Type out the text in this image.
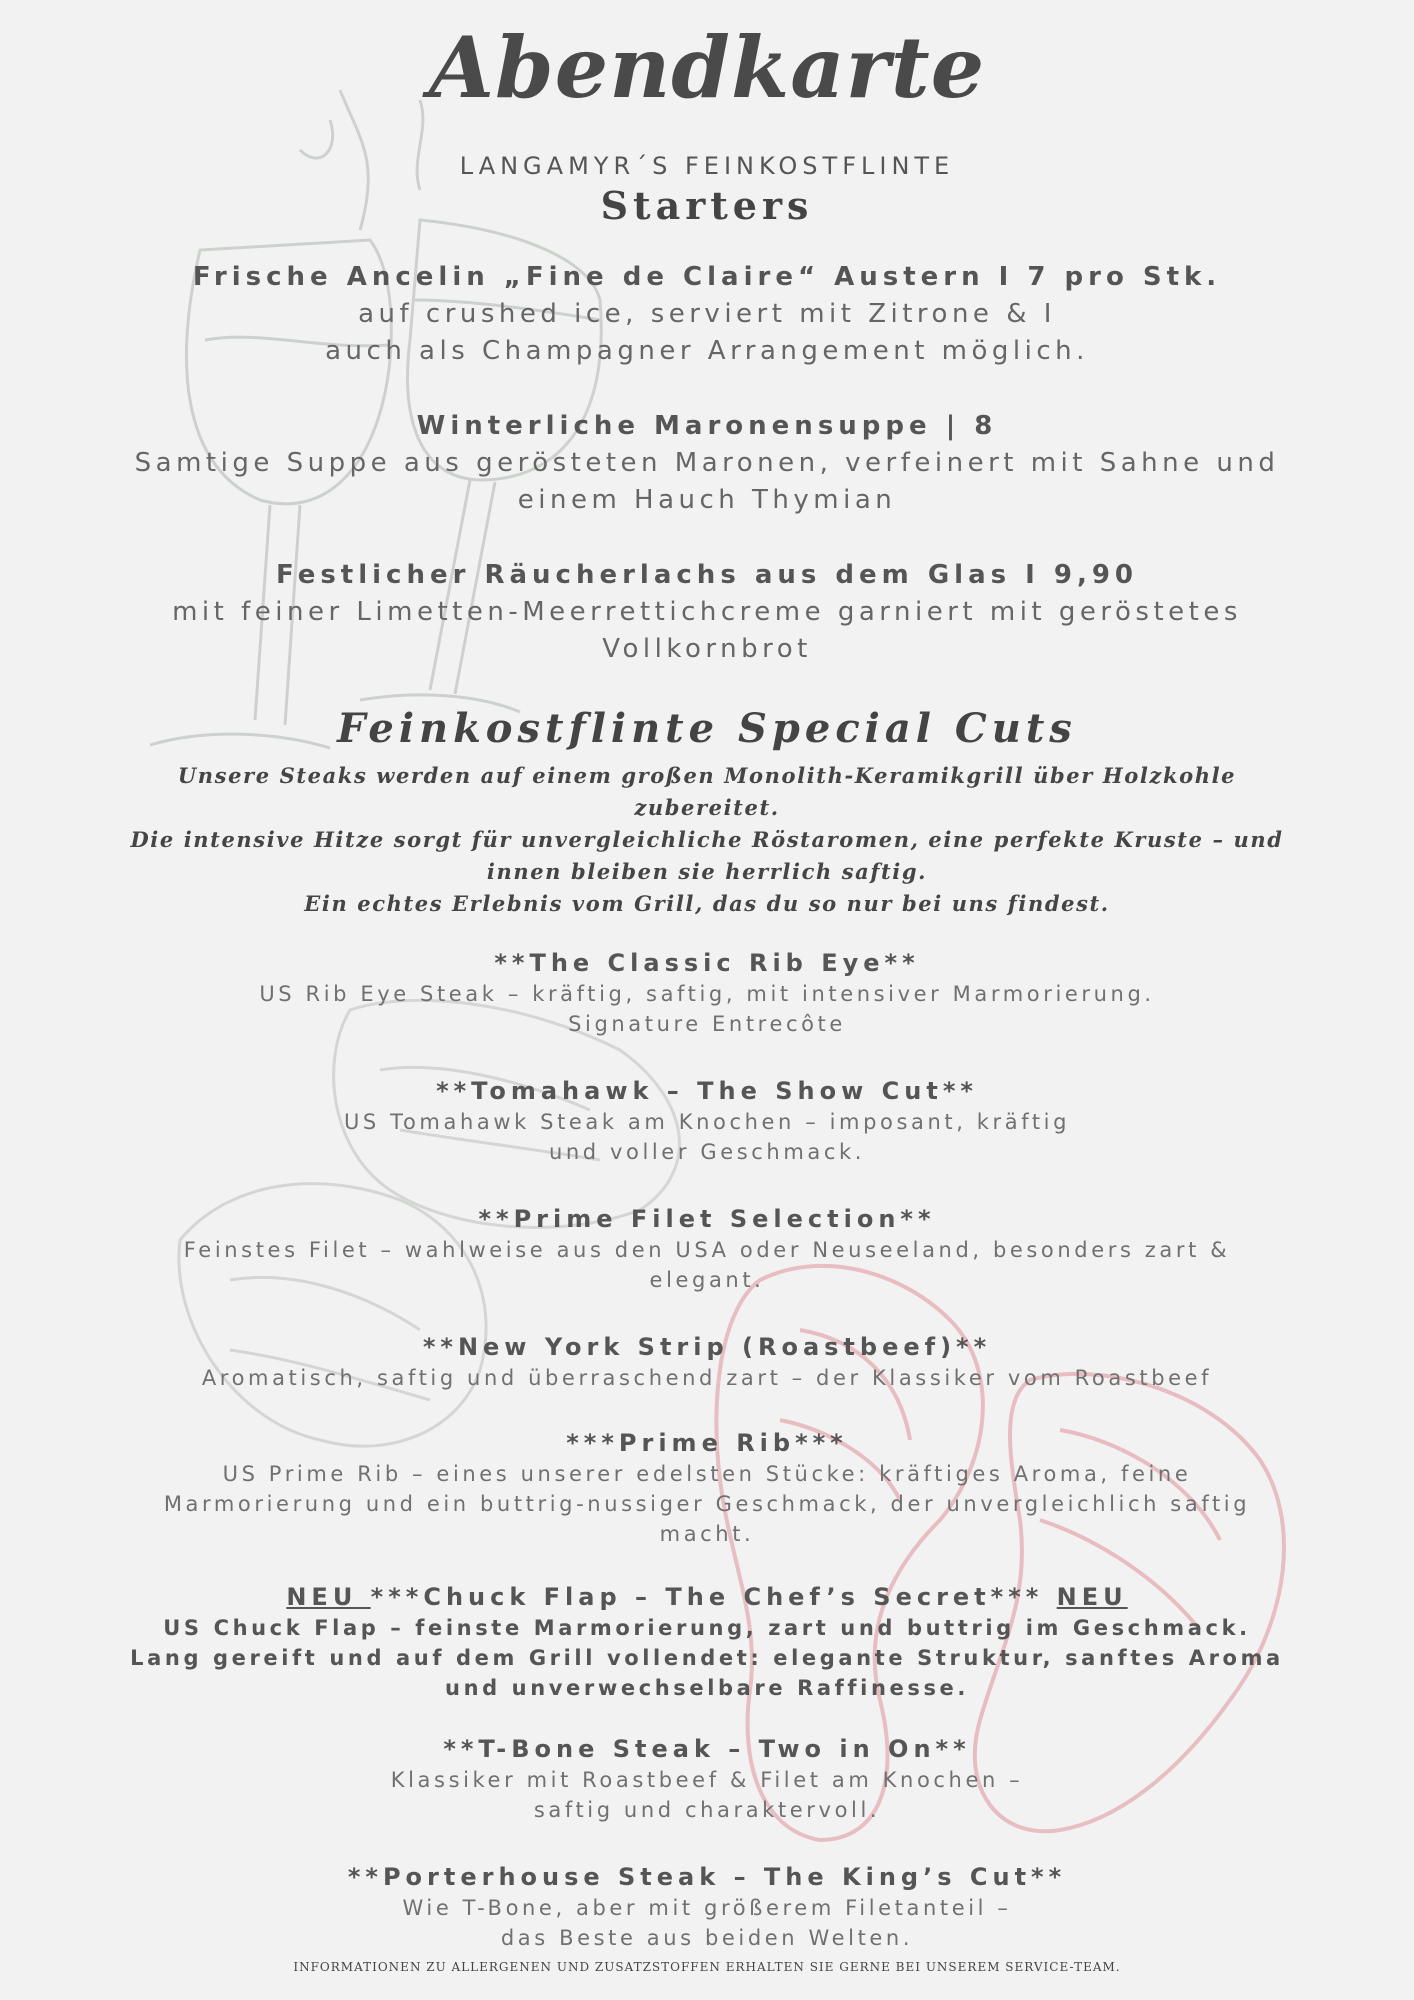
Abendkarte
LANGAMYR´S FEINKOSTFLINTE
Starters
Frische Ancelin „Fine de Claire“ Austern I 7 pro Stk.
auf crushed ice, serviert mit Zitrone & I
auch als Champagner Arrangement möglich.
Winterliche Maronensuppe | 8
Samtige Suppe aus gerösteten Maronen, verfeinert mit Sahne und
einem Hauch Thymian
Festlicher Räucherlachs aus dem Glas I 9,90
mit feiner Limetten-Meerrettichcreme garniert mit geröstetes
Vollkornbrot
Feinkostflinte Special Cuts
Unsere Steaks werden auf einem großen Monolith-Keramikgrill über Holzkohle
zubereitet.
Die intensive Hitze sorgt für unvergleichliche Röstaromen, eine perfekte Kruste – und
innen bleiben sie herrlich saftig.
Ein echtes Erlebnis vom Grill, das du so nur bei uns findest.
**The Classic Rib Eye**
US Rib Eye Steak – kräftig, saftig, mit intensiver Marmorierung.
Signature Entrecôte
**Tomahawk – The Show Cut**
US Tomahawk Steak am Knochen – imposant, kräftig
und voller Geschmack.
**Prime Filet Selection**
Feinstes Filet – wahlweise aus den USA oder Neuseeland, besonders zart &
elegant.
**New York Strip (Roastbeef)**
Aromatisch, saftig und überraschend zart – der Klassiker vom Roastbeef
***Prime Rib***
US Prime Rib – eines unserer edelsten Stücke: kräftiges Aroma, feine
Marmorierung und ein buttrig-nussiger Geschmack, der unvergleichlich saftig
macht.
NEU ***Chuck Flap – The Chef’s Secret*** NEU
US Chuck Flap – feinste Marmorierung, zart und buttrig im Geschmack.
Lang gereift und auf dem Grill vollendet: elegante Struktur, sanftes Aroma
und unverwechselbare Raffinesse.
**T-Bone Steak – Two in On**
Klassiker mit Roastbeef & Filet am Knochen –
saftig und charaktervoll.
**Porterhouse Steak – The King’s Cut**
Wie T-Bone, aber mit größerem Filetanteil –
das Beste aus beiden Welten.
INFORMATIONEN ZU ALLERGENEN UND ZUSATZSTOFFEN ERHALTEN SIE GERNE BEI UNSEREM SERVICE-TEAM.
